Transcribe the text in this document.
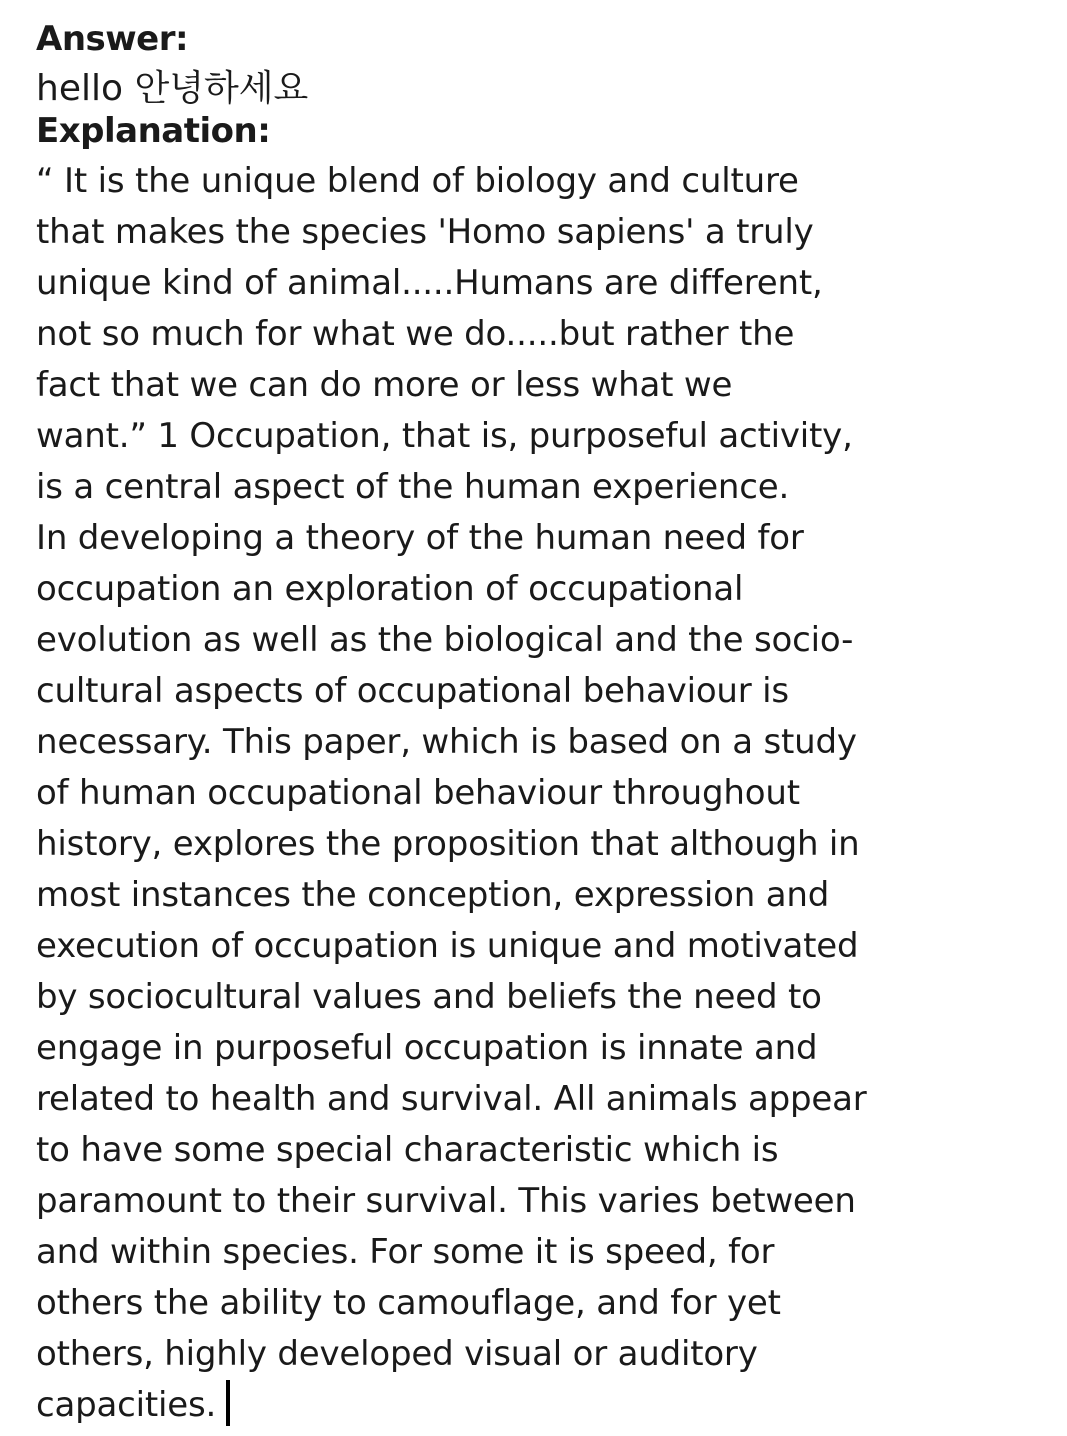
Answer:
hello 안녕하세요
Explanation:
“ It is the unique blend of biology and culture
that makes the species 'Homo sapiens' a truly
unique kind of animal.....Humans are different,
not so much for what we do.....but rather the
fact that we can do more or less what we
want.” 1 Occupation, that is, purposeful activity,
is a central aspect of the human experience.
In developing a theory of the human need for
occupation an exploration of occupational
evolution as well as the biological and the socio-
cultural aspects of occupational behaviour is
necessary. This paper, which is based on a study
of human occupational behaviour throughout
history, explores the proposition that although in
most instances the conception, expression and
execution of occupation is unique and motivated
by sociocultural values and beliefs the need to
engage in purposeful occupation is innate and
related to health and survival. All animals appear
to have some special characteristic which is
paramount to their survival. This varies between
and within species. For some it is speed, for
others the ability to camouflage, and for yet
others, highly developed visual or auditory
capacities.
